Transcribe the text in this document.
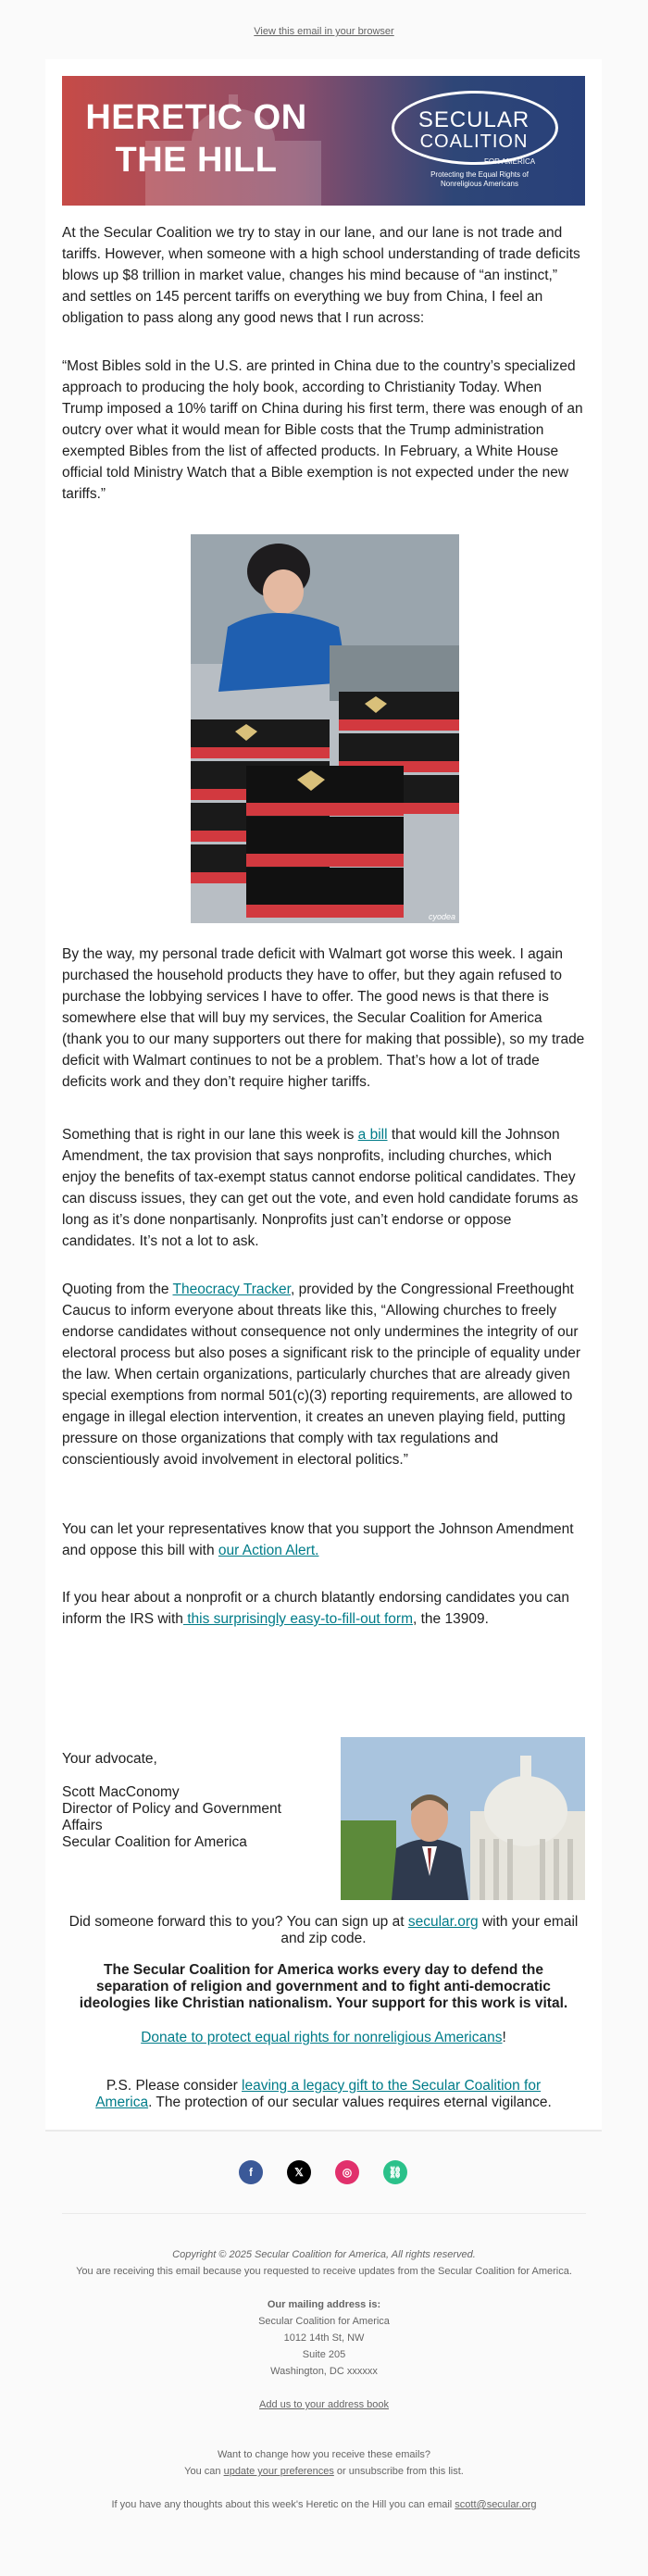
View this email in your browser
HERETIC ON
THE HILL
SECULAR
COALITION
FOR AMERICA
Protecting the Equal Rights of Nonreligious Americans
At the Secular Coalition we try to stay in our lane, and our lane is not trade and tariffs. However, when someone with a high school understanding of trade deficits blows up $8 trillion in market value, changes his mind because of “an instinct,” and settles on 145 percent tariffs on everything we buy from China, I feel an obligation to pass along any good news that I run across:
“Most Bibles sold in the U.S. are printed in China due to the country’s specialized approach to producing the holy book, according to Christianity Today. When Trump imposed a 10% tariff on China during his first term, there was enough of an outcry over what it would mean for Bible costs that the Trump administration exempted Bibles from the list of affected products. In February, a White House official told Ministry Watch that a Bible exemption is not expected under the new tariffs.”
cyodea
By the way, my personal trade deficit with Walmart got worse this week. I again purchased the household products they have to offer, but they again refused to purchase the lobbying services I have to offer. The good news is that there is somewhere else that will buy my services, the Secular Coalition for America (thank you to our many supporters out there for making that possible), so my trade deficit with Walmart continues to not be a problem. That’s how a lot of trade deficits work and they don’t require higher tariffs.
Something that is right in our lane this week is a bill that would kill the Johnson Amendment, the tax provision that says nonprofits, including churches, which enjoy the benefits of tax-exempt status cannot endorse political candidates. They can discuss issues, they can get out the vote, and even hold candidate forums as long as it’s done nonpartisanly. Nonprofits just can’t endorse or oppose candidates. It’s not a lot to ask.
Quoting from the Theocracy Tracker, provided by the Congressional Freethought Caucus to inform everyone about threats like this, “Allowing churches to freely endorse candidates without consequence not only undermines the integrity of our electoral process but also poses a significant risk to the principle of equality under the law. When certain organizations, particularly churches that are already given special exemptions from normal 501(c)(3) reporting requirements, are allowed to engage in illegal election intervention, it creates an uneven playing field, putting pressure on those organizations that comply with tax regulations and conscientiously avoid involvement in electoral politics.”
You can let your representatives know that you support the Johnson Amendment and oppose this bill with our Action Alert.
If you hear about a nonprofit or a church blatantly endorsing candidates you can inform the IRS with this surprisingly easy-to-fill-out form, the 13909.
Your advocate,
Scott MacConomy
Director of Policy and Government Affairs
Secular Coalition for America
Did someone forward this to you? You can sign up at secular.org with your email and zip code.
The Secular Coalition for America works every day to defend the separation of religion and government and to fight anti-democratic ideologies like Christian nationalism. Your support for this work is vital.
Donate to protect equal rights for nonreligious Americans!
P.S. Please consider leaving a legacy gift to the Secular Coalition for America. The protection of our secular values requires eternal vigilance.
f	𝕏	◎	⛓
Copyright © 2025 Secular Coalition for America, All rights reserved.
You are receiving this email because you requested to receive updates from the Secular Coalition for America.
Our mailing address is:
Secular Coalition for America
1012 14th St, NW
Suite 205
Washington, DC xxxxxx
Add us to your address book
Want to change how you receive these emails?
You can update your preferences or unsubscribe from this list.
If you have any thoughts about this week's Heretic on the Hill you can email scott@secular.org
